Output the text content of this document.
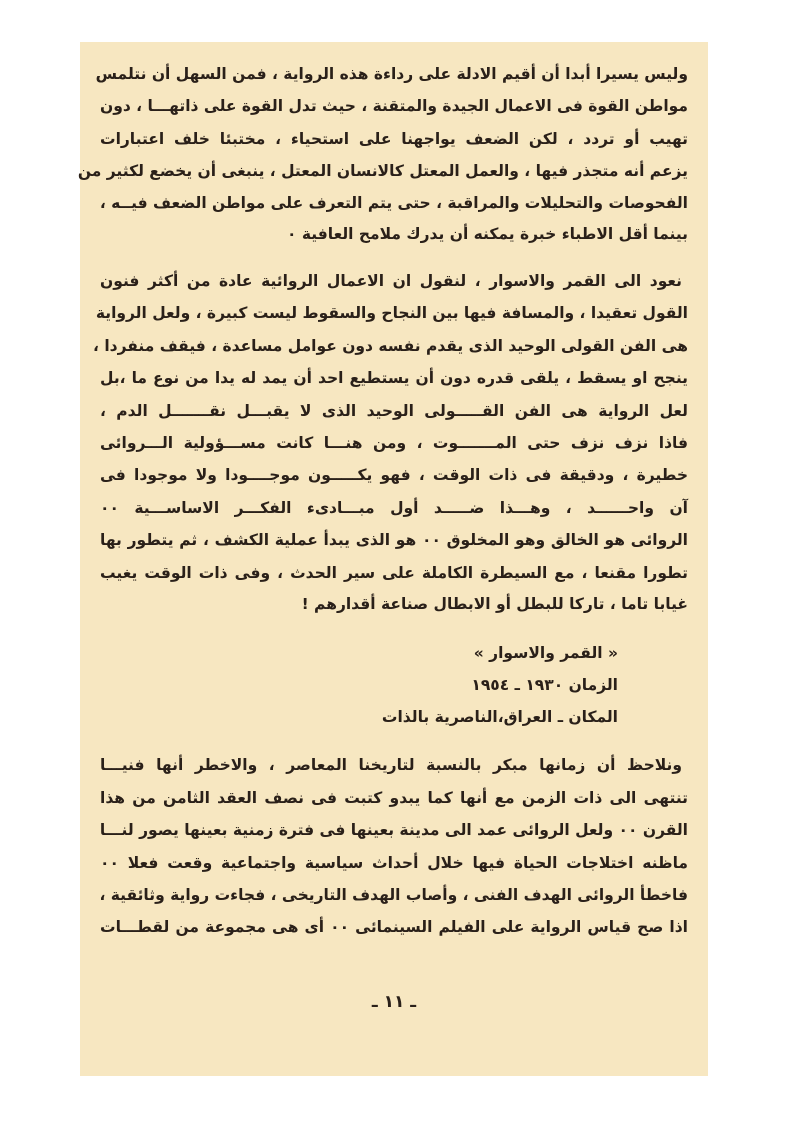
وليس يسيرا أبدا أن أقيم الادلة على رداءة هذه الرواية ، فمن السهل أن نتلمس
مواطن القوة فى الاعمال الجيدة والمتقنة ، حيث تدل القوة على ذاتهـــا ، دون
تهيب أو تردد ، لكن الضعف يواجهنا على استحياء ، مختبئا خلف اعتبارات
يزعم أنه متجذر فيها ، والعمل المعتل كالانسان المعتل ، ينبغى أن يخضع لكثير من
الفحوصات والتحليلات والمراقبة ، حتى يتم التعرف على مواطن الضعف فيــه ،
بينما أقل الاطباء خبرة يمكنه أن يدرك ملامح العافية ٠
نعود الى القمر والاسوار ، لنقول ان الاعمال الروائية عادة من أكثر فنون
القول تعقيدا ، والمسافة فيها بين النجاح والسقوط ليست كبيرة ، ولعل الرواية
هى الفن القولى الوحيد الذى يقدم نفسه دون عوامل مساعدة ، فيقف منفردا ،
ينجح او يسقط ، يلقى قدره دون أن يستطيع احد أن يمد له يدا من نوع ما ،بل
لعل الرواية هى الفن القـــــولى الوحيد الذى لا يقبـــل نقـــــــل الدم ،
فاذا نزف نزف حتى المـــــــوت ، ومن هنـــا كانت مســـؤولية الـــروائى
خطيرة ، ودقيقة فى ذات الوقت ، فهو يكـــــون موجــــودا ولا موجودا فى
آن واحــــــد ، وهـــذا ضـــــد أول مبـــادىء الفكـــر الاساســـية ٠٠
الروائى هو الخالق وهو المخلوق ٠٠ هو الذى يبدأ عملية الكشف ، ثم يتطور بها
تطورا مقنعا ، مع السيطرة الكاملة على سير الحدث ، وفى ذات الوقت يغيب
غيابا تاما ، تاركا للبطل أو الابطال صناعة أقدارهم !
« القمر والاسوار »
الزمان ١٩٣٠ ـ ١٩٥٤
المكان ـ العراق،الناصرية بالذات
ونلاحظ أن زمانها مبكر بالنسبة لتاريخنا المعاصر ، والاخطر أنها فنيـــا
تنتهى الى ذات الزمن مع أنها كما يبدو كتبت فى نصف العقد الثامن من هذا
القرن ٠٠ ولعل الروائى عمد الى مدينة بعينها فى فترة زمنية بعينها يصور لنـــا
ماظنه اختلاجات الحياة فيها خلال أحداث سياسية واجتماعية وقعت فعلا ٠٠
فاخطأ الروائى الهدف الفنى ، وأصاب الهدف التاريخى ، فجاءت رواية وثائقية ،
اذا صح قياس الرواية على الفيلم السينمائى ٠٠ أى هى مجموعة من لقطـــات
ـ ١١ ـ
